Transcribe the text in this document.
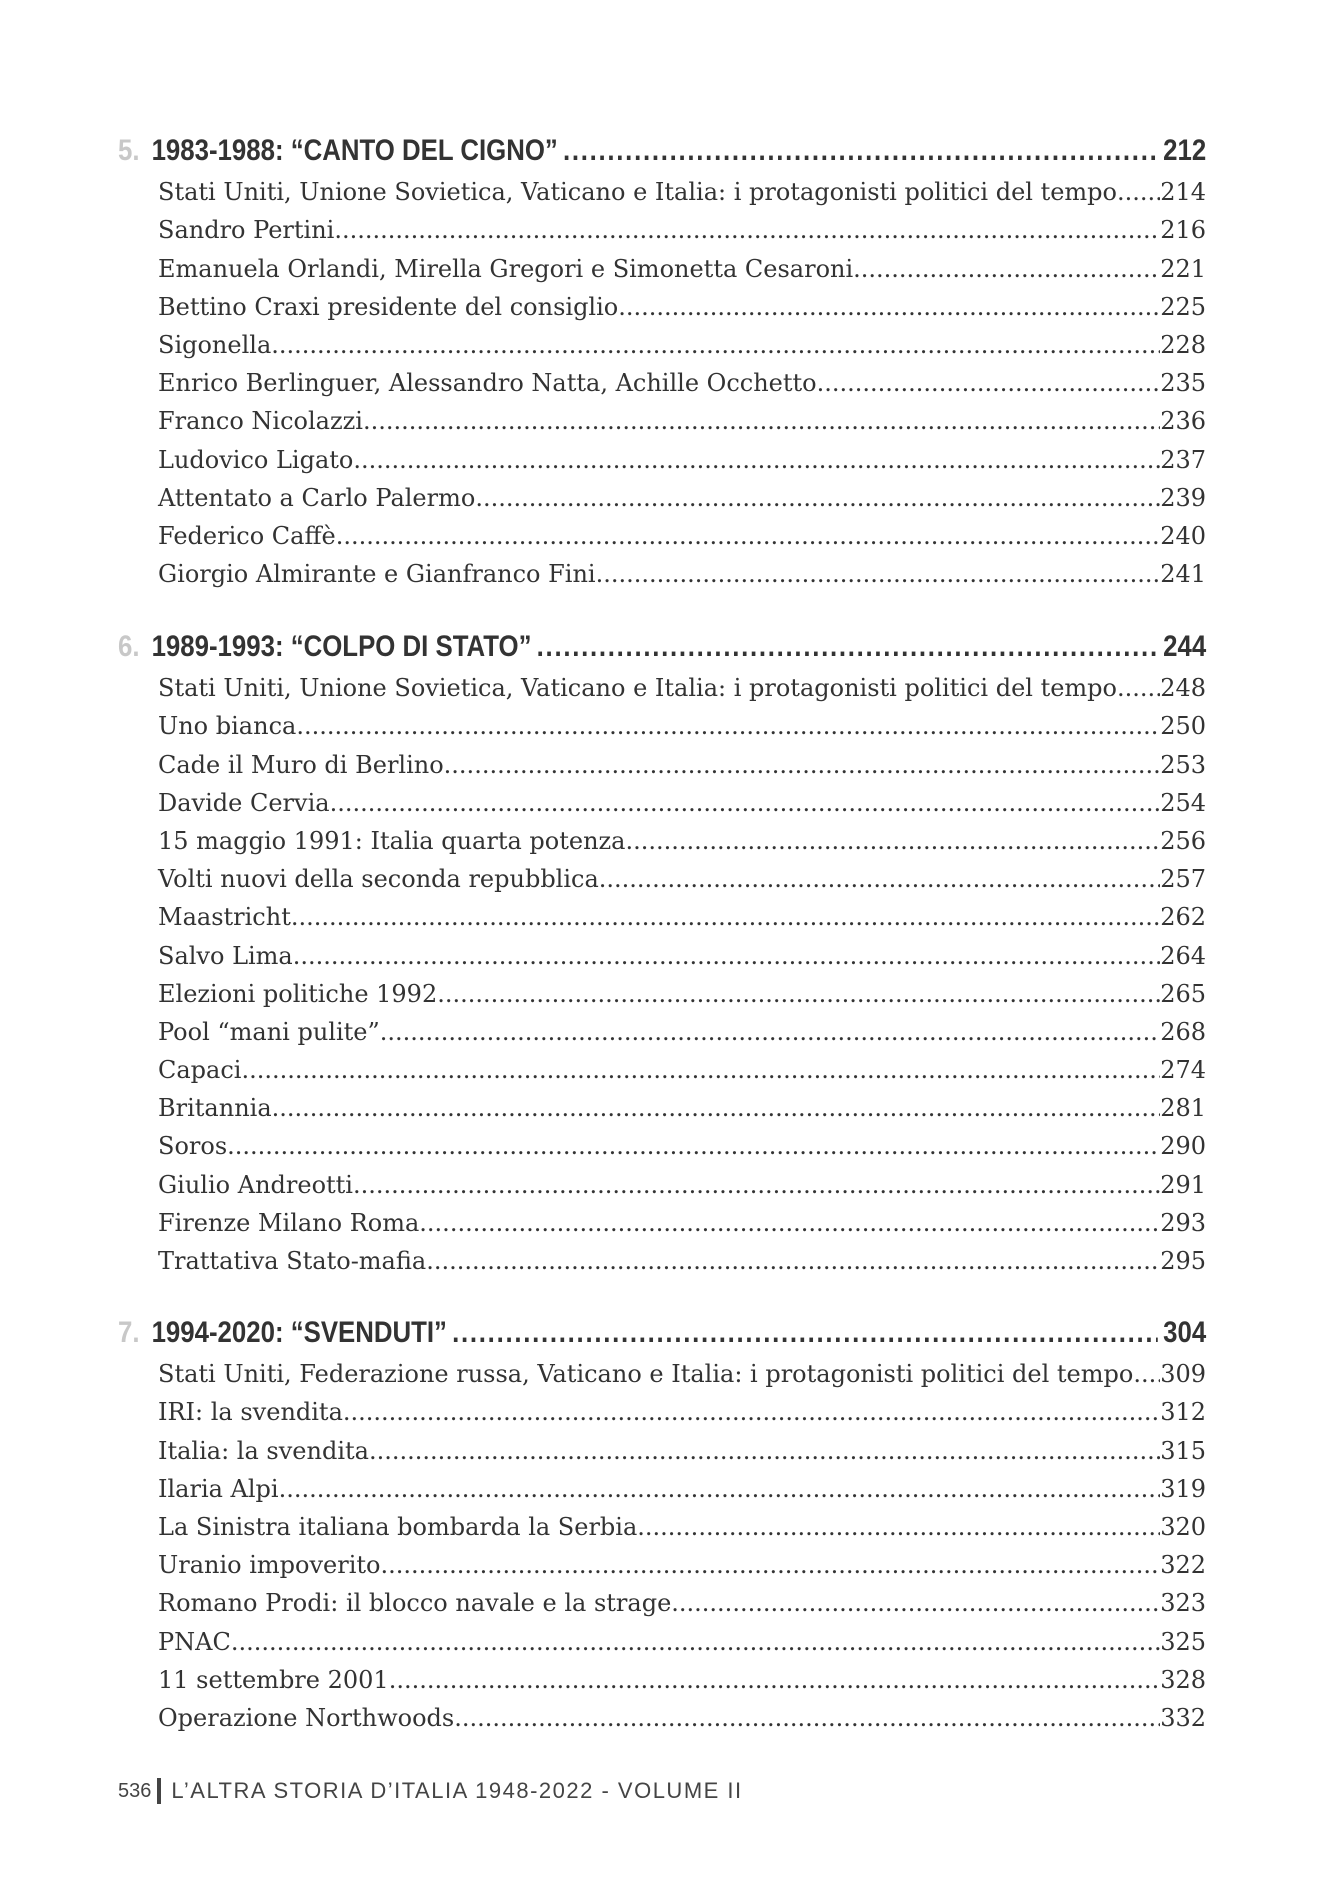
5. 1983-1988: “CANTO DEL CIGNO” .....	212
Stati Uniti, Unione Sovietica, Vaticano e Italia: i protagonisti politici del tempo ..... 214
Sandro Pertini .....	216
Emanuela Orlandi, Mirella Gregori e Simonetta Cesaroni .....	221
Bettino Craxi presidente del consiglio .....	225
Sigonella .....	228
Enrico Berlinguer, Alessandro Natta, Achille Occhetto .....	235
Franco Nicolazzi .....	236
Ludovico Ligato .....	237
Attentato a Carlo Palermo .....	239
Federico Caffè .....	240
Giorgio Almirante e Gianfranco Fini .....	241
6. 1989-1993: “COLPO DI STATO” .....	244
Stati Uniti, Unione Sovietica, Vaticano e Italia: i protagonisti politici del tempo ..... 248
Uno bianca .....	250
Cade il Muro di Berlino .....	253
Davide Cervia .....	254
15 maggio 1991: Italia quarta potenza .....	256
Volti nuovi della seconda repubblica .....	257
Maastricht .....	262
Salvo Lima .....	264
Elezioni politiche 1992 .....	265
Pool “mani pulite” .....	268
Capaci .....	274
Britannia .....	281
Soros .....	290
Giulio Andreotti .....	291
Firenze Milano Roma .....	293
Trattativa Stato-mafia .....	295
7. 1994-2020: “SVENDUTI” .....	304
Stati Uniti, Federazione russa, Vaticano e Italia: i protagonisti politici del tempo ..... 309
IRI: la svendita .....	312
Italia: la svendita .....	315
Ilaria Alpi .....	319
La Sinistra italiana bombarda la Serbia .....	320
Uranio impoverito .....	322
Romano Prodi: il blocco navale e la strage .....	323
PNAC .....	325
11 settembre 2001 .....	328
Operazione Northwoods .....	332
536 L’ALTRA STORIA D’ITALIA 1948-2022 - VOLUME II
